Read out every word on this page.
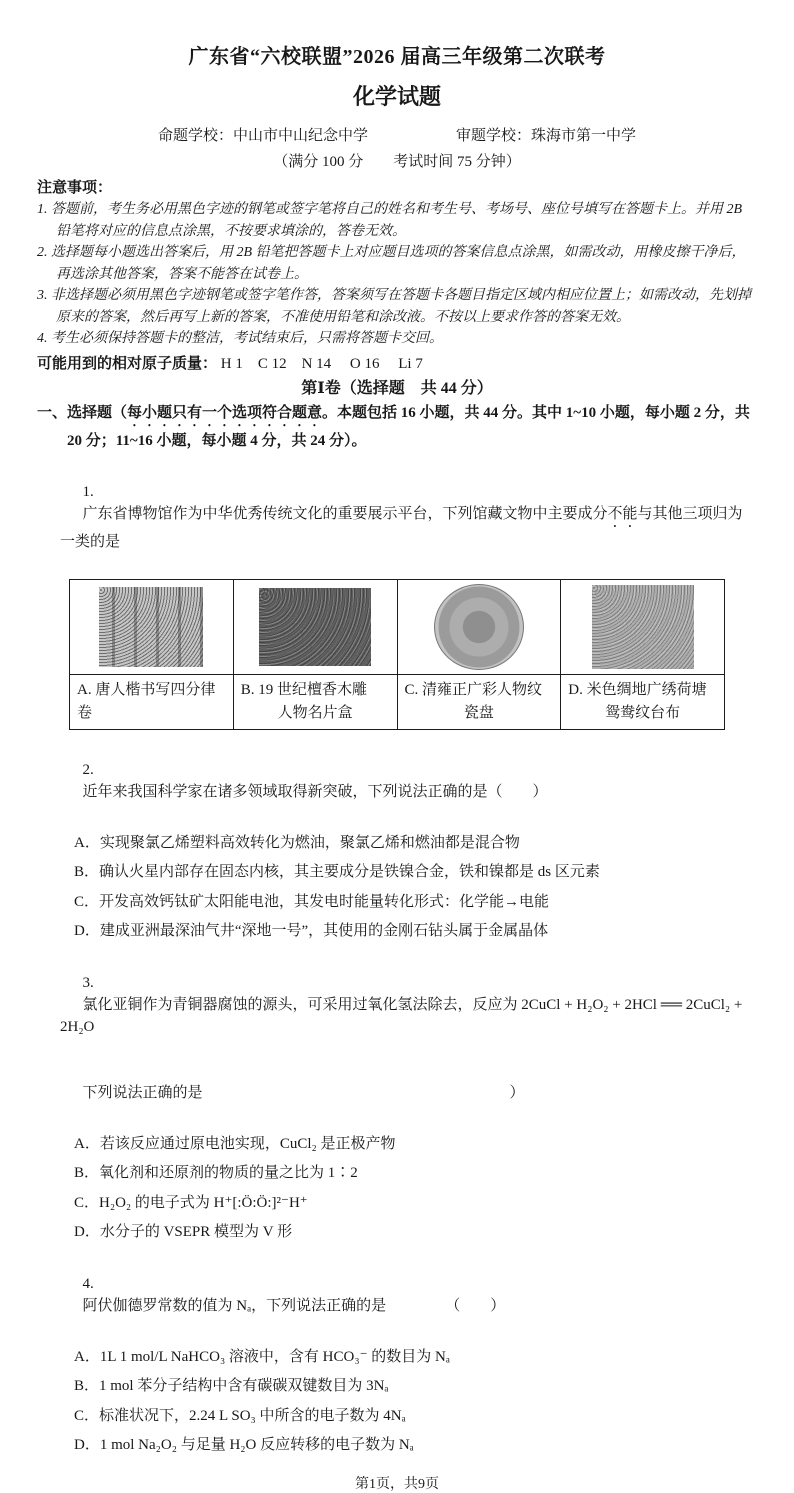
广东省“六校联盟”2026 届高三年级第二次联考
化学试题
命题学校：中山市中山纪念中学	审题学校：珠海市第一中学
（满分 100 分　　考试时间 75 分钟）
注意事项：
1. 答题前，考生务必用黑色字迹的钢笔或签字笔将自己的姓名和考生号、考场号、座位号填写在答题卡上。并用 2B 铅笔将对应的信息点涂黑，不按要求填涂的，答卷无效。
2. 选择题每小题选出答案后，用 2B 铅笔把答题卡上对应题目选项的答案信息点涂黑，如需改动，用橡皮擦干净后，再选涂其他答案，答案不能答在试卷上。
3. 非选择题必须用黑色字迹钢笔或签字笔作答，答案须写在答题卡各题目指定区域内相应位置上；如需改动，先划掉原来的答案，然后再写上新的答案，不准使用铅笔和涂改液。不按以上要求作答的答案无效。
4. 考生必须保持答题卡的整洁，考试结束后，只需将答题卡交回。
可能用到的相对原子质量： H 1　C 12　N 14　 O 16　 Li 7
第Ⅰ卷（选择题　共 44 分）
一、选择题（每小题只有一个选项符合题意。本题包括 16 小题，共 44 分。其中 1~10 小题，每小题 2 分，共 20 分；11~16 小题，每小题 4 分，共 24 分）。

1.
广东省博物馆作为中华优秀传统文化的重要展示平台，下列馆藏文物中主要成分不能与其他三项归为一类的是

A. 唐人楷书写四分律卷

B. 19 世纪檀香木雕
人物名片盒

C. 清雍正广彩人物纹
瓷盘

D. 米色绸地广绣荷塘
鸳鸯纹台布

2.
近年来我国科学家在诸多领域取得新突破，下列说法正确的是（　　）

A．实现聚氯乙烯塑料高效转化为燃油，聚氯乙烯和燃油都是混合物
B．确认火星内部存在固态内核，其主要成分是铁镍合金，铁和镍都是 ds 区元素
C．开发高效钙钛矿太阳能电池，其发电时能量转化形式：化学能→电能
D．建成亚洲最深油气井“深地一号”，其使用的金刚石钻头属于金属晶体

3.
氯化亚铜作为青铜器腐蚀的源头，可采用过氧化氢法除去，反应为 2CuCl + H₂O₂ + 2HCl ══ 2CuCl₂ + 2H₂O

下列说法正确的是	）

A．若该反应通过原电池实现，CuCl₂ 是正极产物
B．氧化剂和还原剂的物质的量之比为 1∶2
C．H₂O₂ 的电子式为 H⁺[:Ö:Ö:]²⁻H⁺
D．水分子的 VSEPR 模型为 V 形

4.
阿伏伽德罗常数的值为 Nₐ，下列说法正确的是	（　　）

A．1L 1 mol/L NaHCO₃ 溶液中，含有 HCO₃⁻ 的数目为 Nₐ
B．1 mol 苯分子结构中含有碳碳双键数目为 3Nₐ
C．标准状况下，2.24 L SO₃ 中所含的电子数为 4Nₐ
D．1 mol Na₂O₂ 与足量 H₂O 反应转移的电子数为 Nₐ
第1页，共9页
